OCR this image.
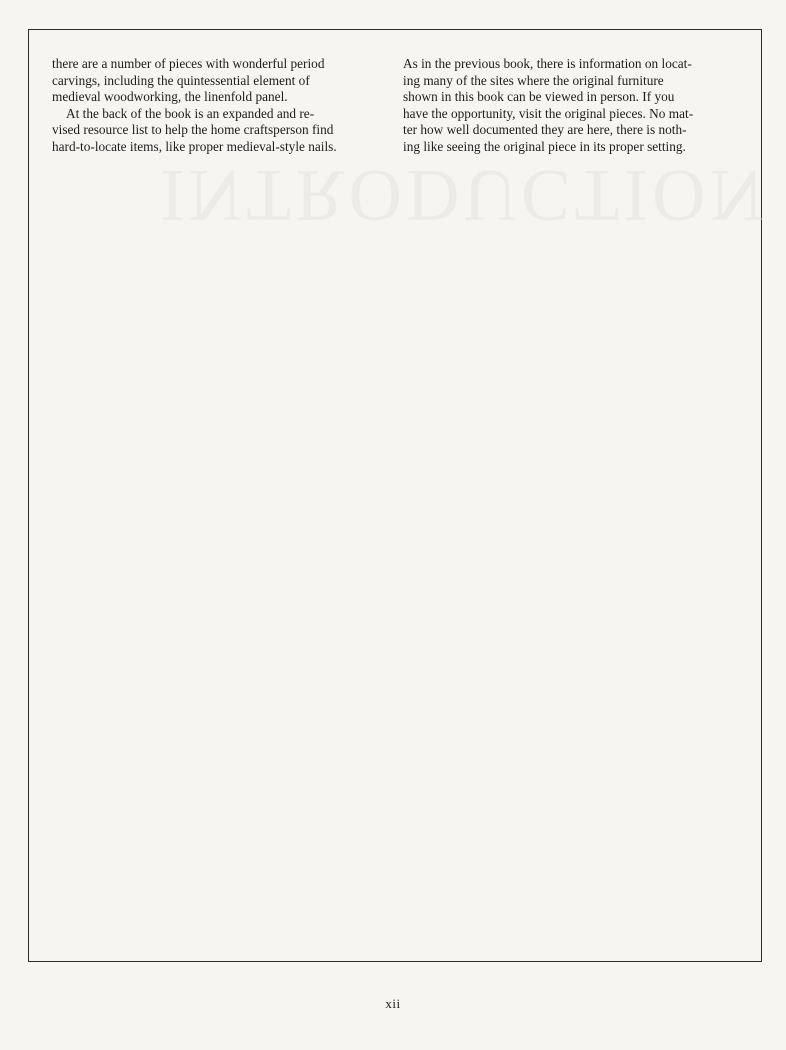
INTRODUCTION

there are a number of pieces with wonderful period
carvings, including the quintessential element of
medieval woodworking, the linenfold panel.

At the back of the book is an expanded and re-
vised resource list to help the home craftsperson find
hard-to-locate items, like proper medieval-style nails.

As in the previous book, there is information on locat-
ing many of the sites where the original furniture
shown in this book can be viewed in person. If you
have the opportunity, visit the original pieces. No mat-
ter how well documented they are here, there is noth-
ing like seeing the original piece in its proper setting.

xii
